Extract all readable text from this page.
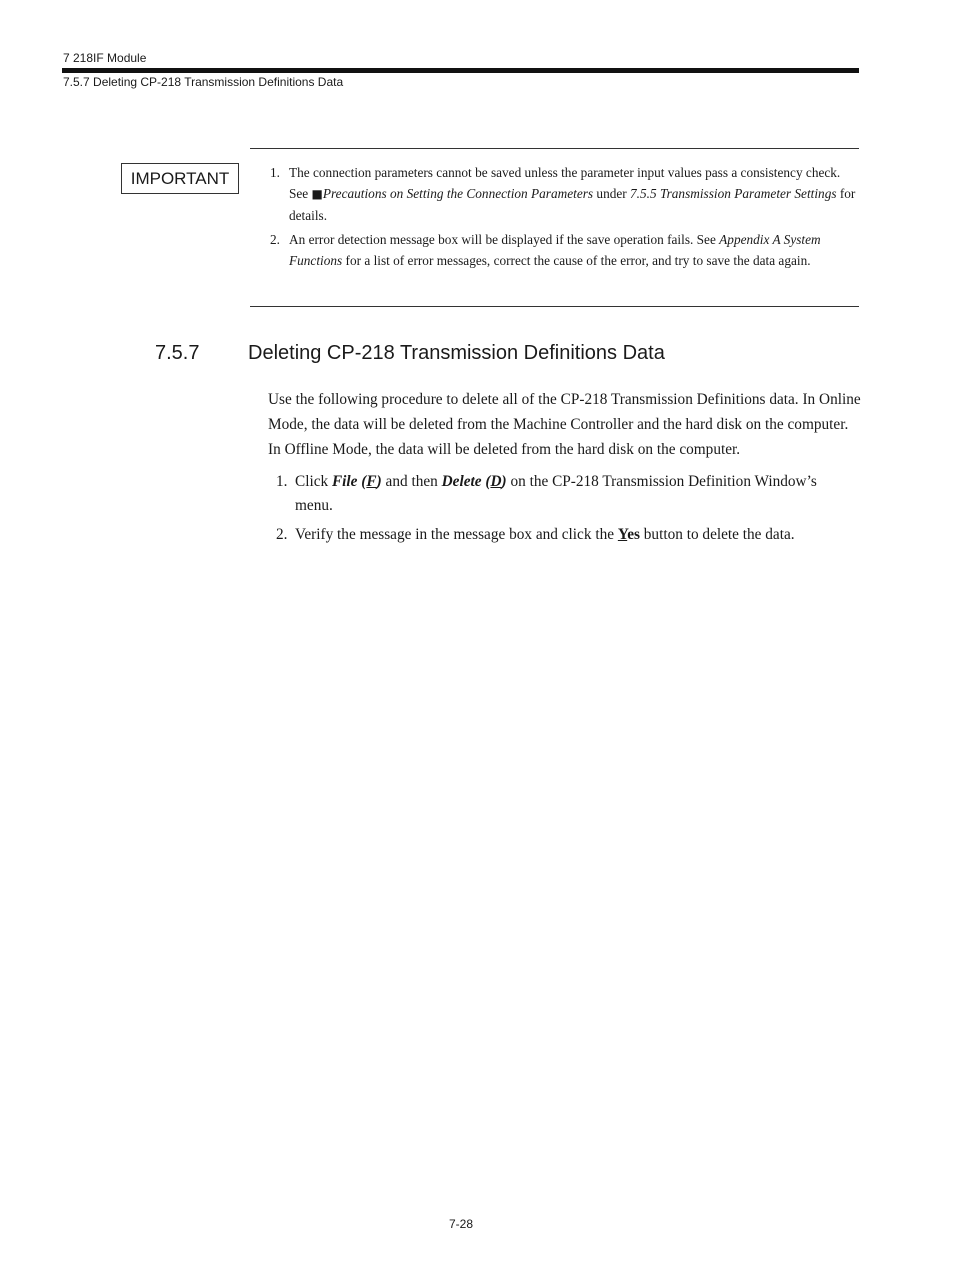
7 218IF Module
7.5.7 Deleting CP-218 Transmission Definitions Data
IMPORTANT	1. The connection parameters cannot be saved unless the parameter input values pass a consistency check. See ■Precautions on Setting the Connection Parameters under 7.5.5 Transmission Parameter Settings for details.
2. An error detection message box will be displayed if the save operation fails. See Appendix A System Functions for a list of error messages, correct the cause of the error, and try to save the data again.
7.5.7 Deleting CP-218 Transmission Definitions Data
Use the following procedure to delete all of the CP-218 Transmission Definitions data. In Online Mode, the data will be deleted from the Machine Controller and the hard disk on the computer. In Offline Mode, the data will be deleted from the hard disk on the computer.
1. Click File (F) and then Delete (D) on the CP-218 Transmission Definition Window’s menu.
2. Verify the message in the message box and click the Yes button to delete the data.
7-28
